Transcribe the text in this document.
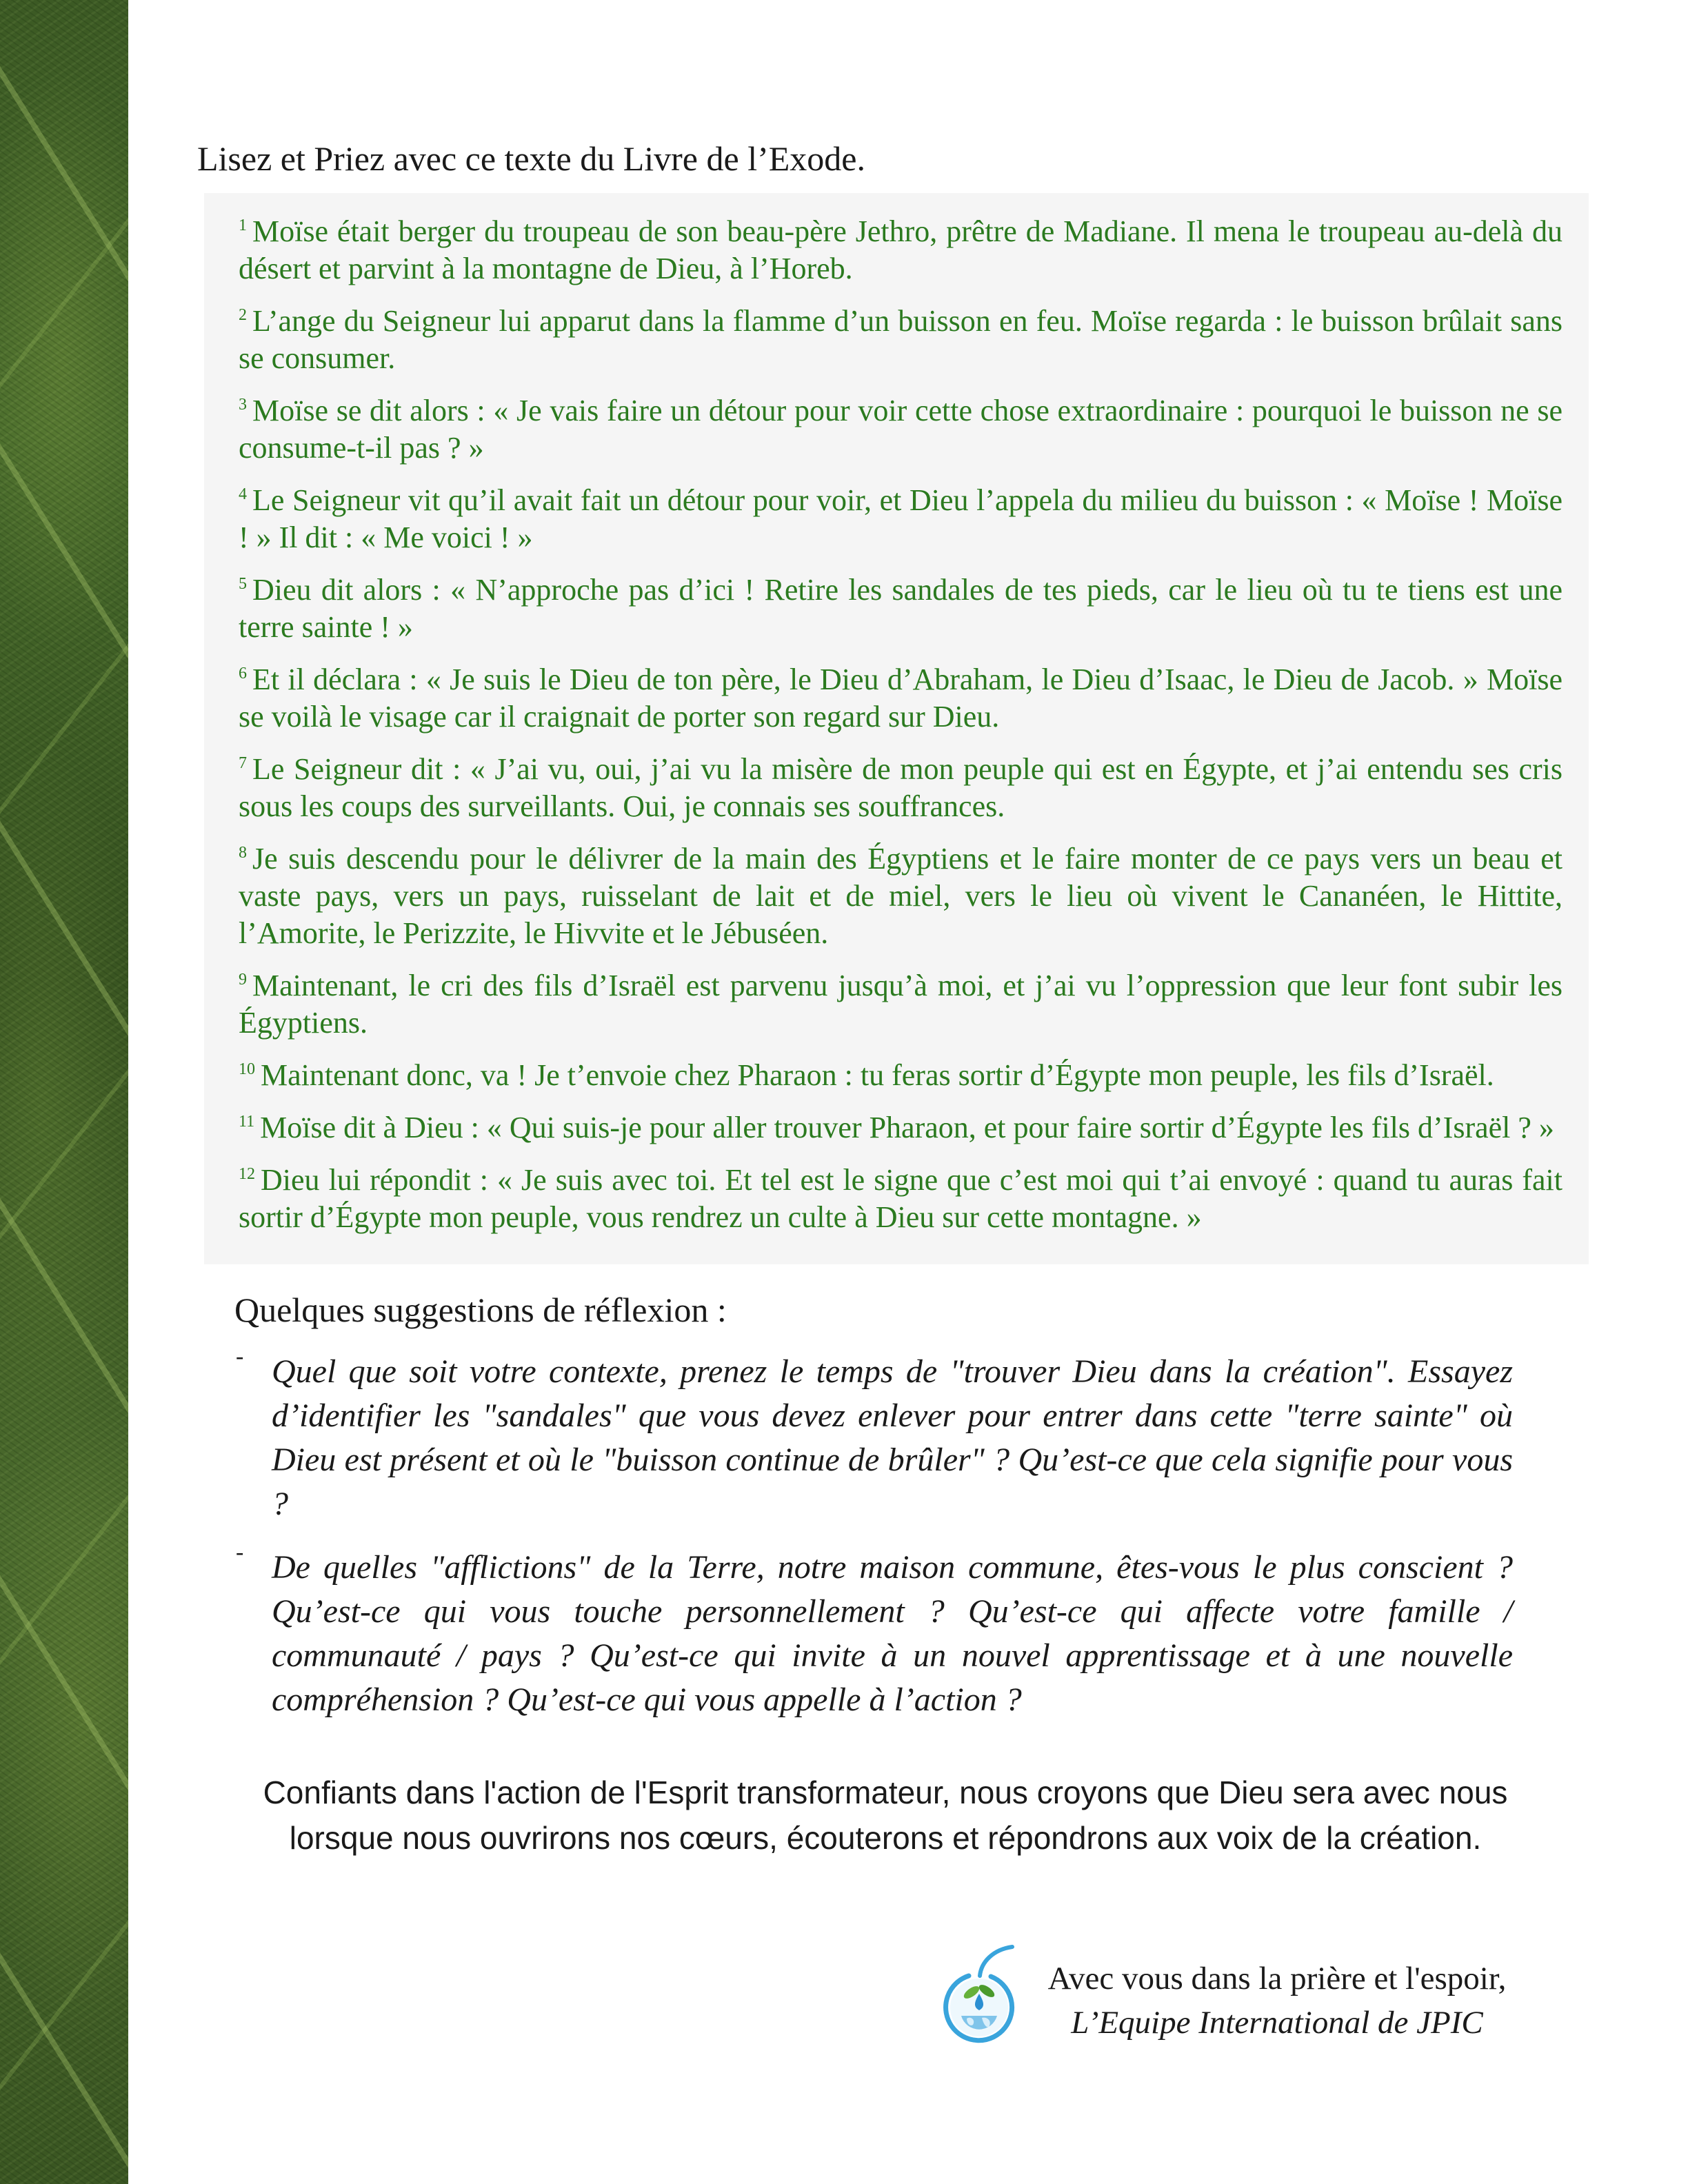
Lisez et Priez avec ce texte du Livre de l’Exode.

$^1$ Moïse était berger du troupeau de son beau-père Jethro, prêtre de Madiane. Il mena le troupeau au-delà du désert et parvint à la montagne de Dieu, à l’Horeb.

$^2$ L’ange du Seigneur lui apparut dans la flamme d’un buisson en feu. Moïse regarda : le buisson brûlait sans se consumer.

$^3$ Moïse se dit alors : « Je vais faire un détour pour voir cette chose extraordinaire : pourquoi le buisson ne se consume-t-il pas ? »

$^4$ Le Seigneur vit qu’il avait fait un détour pour voir, et Dieu l’appela du milieu du buisson : « Moïse ! Moïse ! » Il dit : « Me voici ! »

$^5$ Dieu dit alors : « N’approche pas d’ici ! Retire les sandales de tes pieds, car le lieu où tu te tiens est une terre sainte ! »

$^6$ Et il déclara : « Je suis le Dieu de ton père, le Dieu d’Abraham, le Dieu d’Isaac, le Dieu de Jacob. » Moïse se voilà le visage car il craignait de porter son regard sur Dieu.

$^7$ Le Seigneur dit : « J’ai vu, oui, j’ai vu la misère de mon peuple qui est en Égypte, et j’ai entendu ses cris sous les coups des surveillants. Oui, je connais ses souffrances.

$^8$ Je suis descendu pour le délivrer de la main des Égyptiens et le faire monter de ce pays vers un beau et vaste pays, vers un pays, ruisselant de lait et de miel, vers le lieu où vivent le Cananéen, le Hittite, l’Amorite, le Perizzite, le Hivvite et le Jébuséen.

$^9$ Maintenant, le cri des fils d’Israël est parvenu jusqu’à moi, et j’ai vu l’oppression que leur font subir les Égyptiens.

$^{10}$ Maintenant donc, va ! Je t’envoie chez Pharaon : tu feras sortir d’Égypte mon peuple, les fils d’Israël.

$^{11}$ Moïse dit à Dieu : « Qui suis-je pour aller trouver Pharaon, et pour faire sortir d’Égypte les fils d’Israël ? »

$^{12}$ Dieu lui répondit : « Je suis avec toi. Et tel est le signe que c’est moi qui t’ai envoyé : quand tu auras fait sortir d’Égypte mon peuple, vous rendrez un culte à Dieu sur cette montagne. »

Quelques suggestions de réflexion :

- Quel que soit votre contexte, prenez le temps de "trouver Dieu dans la création". Essayez d’identifier les "sandales" que vous devez enlever pour entrer dans cette "terre sainte" où Dieu est présent et où le "buisson continue de brûler" ? Qu’est-ce que cela signifie pour vous ?
- De quelles "afflictions" de la Terre, notre maison commune, êtes-vous le plus conscient ? Qu’est-ce qui vous touche personnellement ? Qu’est-ce qui affecte votre famille / communauté / pays ? Qu’est-ce qui invite à un nouvel apprentissage et à une nouvelle compréhension ? Qu’est-ce qui vous appelle à l’action ?
Confiants dans l'action de l'Esprit transformateur, nous croyons que Dieu sera avec nous
lorsque nous ouvrirons nos cœurs, écouterons et répondrons aux voix de la création.
Avec vous dans la prière et l'espoir,
L’Equipe International de JPIC
